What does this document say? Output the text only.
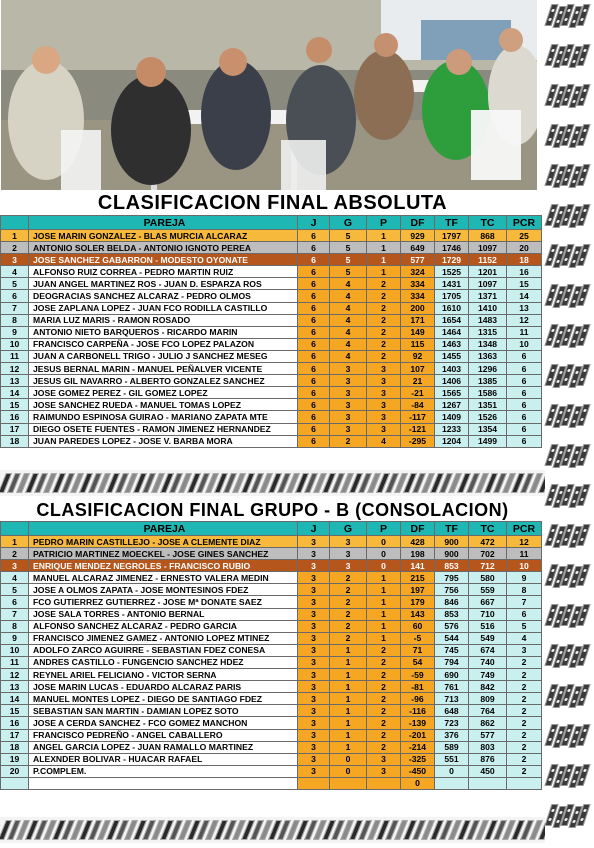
CLASIFICACION FINAL ABSOLUTA
	PAREJA	J	G	P	DF	TF	TC	PCR
1	JOSE MARIN GONZALEZ - BLAS MURCIA ALCARAZ	6	5	1	929	1797	868	25
2	ANTONIO SOLER BELDA - ANTONIO IGNOTO PEREA	6	5	1	649	1746	1097	20
3	JOSE SANCHEZ GABARRON - MODESTO OYONATE	6	5	1	577	1729	1152	18
4	ALFONSO RUIZ CORREA - PEDRO MARTIN RUIZ	6	5	1	324	1525	1201	16
5	JUAN ANGEL MARTINEZ ROS - JUAN D. ESPARZA ROS	6	4	2	334	1431	1097	15
6	DEOGRACIAS SANCHEZ ALCARAZ - PEDRO OLMOS	6	4	2	334	1705	1371	14
7	JOSE ZAPLANA LOPEZ - JUAN FCO RODILLA CASTILLO	6	4	2	200	1610	1410	13
8	MARIA LUZ MARIS - RAMON ROSADO	6	4	2	171	1654	1483	12
9	ANTONIO NIETO BARQUEROS - RICARDO MARIN	6	4	2	149	1464	1315	11
10	FRANCISCO CARPEÑA - JOSE FCO LOPEZ PALAZON	6	4	2	115	1463	1348	10
11	JUAN A CARBONELL TRIGO - JULIO J SANCHEZ MESEG	6	4	2	92	1455	1363	6
12	JESUS BERNAL MARIN - MANUEL PEÑALVER VICENTE	6	3	3	107	1403	1296	6
13	JESUS GIL NAVARRO - ALBERTO GONZALEZ SANCHEZ	6	3	3	21	1406	1385	6
14	JOSE GOMEZ PEREZ - GIL GOMEZ LOPEZ	6	3	3	-21	1565	1586	6
15	JOSE SANCHEZ RUEDA - MANUEL TOMAS LOPEZ	6	3	3	-84	1267	1351	6
16	RAIMUNDO ESPINOSA GUIRAO - MARIANO ZAPATA MTE	6	3	3	-117	1409	1526	6
17	DIEGO OSETE FUENTES - RAMON JIMENEZ HERNANDEZ	6	3	3	-121	1233	1354	6
18	JUAN PAREDES LOPEZ - JOSE V. BARBA MORA	6	2	4	-295	1204	1499	6
CLASIFICACION FINAL GRUPO - B (CONSOLACION)
	PAREJA	J	G	P	DF	TF	TC	PCR
1	PEDRO MARIN CASTILLEJO - JOSE A CLEMENTE DIAZ	3	3	0	428	900	472	12
2	PATRICIO MARTINEZ MOECKEL - JOSE GINES SANCHEZ	3	3	0	198	900	702	11
3	ENRIQUE MENDEZ NEGROLES - FRANCISCO RUBIO	3	3	0	141	853	712	10
4	MANUEL ALCARAZ JIMENEZ - ERNESTO VALERA MEDIN	3	2	1	215	795	580	9
5	JOSE A OLMOS ZAPATA - JOSE MONTESINOS FDEZ	3	2	1	197	756	559	8
6	FCO GUTIERREZ GUTIERREZ - JOSE Mª DONATE SAEZ	3	2	1	179	846	667	7
7	JOSE SALA TORRES - ANTONIO BERNAL	3	2	1	143	853	710	6
8	ALFONSO SANCHEZ ALCARAZ - PEDRO GARCIA	3	2	1	60	576	516	5
9	FRANCISCO JIMENEZ GAMEZ - ANTONIO LOPEZ MTINEZ	3	2	1	-5	544	549	4
10	ADOLFO ZARCO AGUIRRE - SEBASTIAN FDEZ CONESA	3	1	2	71	745	674	3
11	ANDRES CASTILLO - FUNGENCIO SANCHEZ HDEZ	3	1	2	54	794	740	2
12	REYNEL ARIEL FELICIANO - VICTOR SERNA	3	1	2	-59	690	749	2
13	JOSE MARIN LUCAS - EDUARDO ALCARAZ PARIS	3	1	2	-81	761	842	2
14	MANUEL MONTES LOPEZ - DIEGO DE SANTIAGO FDEZ	3	1	2	-96	713	809	2
15	SEBASTIAN SAN MARTIN - DAMIAN LOPEZ SOTO	3	1	2	-116	648	764	2
16	JOSE A CERDA SANCHEZ - FCO GOMEZ MANCHON	3	1	2	-139	723	862	2
17	FRANCISCO PEDREÑO - ANGEL CABALLERO	3	1	2	-201	376	577	2
18	ANGEL GARCIA LOPEZ - JUAN RAMALLO MARTINEZ	3	1	2	-214	589	803	2
19	ALEXNDER BOLIVAR - HUACAR RAFAEL	3	0	3	-325	551	876	2
20	P.COMPLEM.	3	0	3	-450	0	450	2
					0			
